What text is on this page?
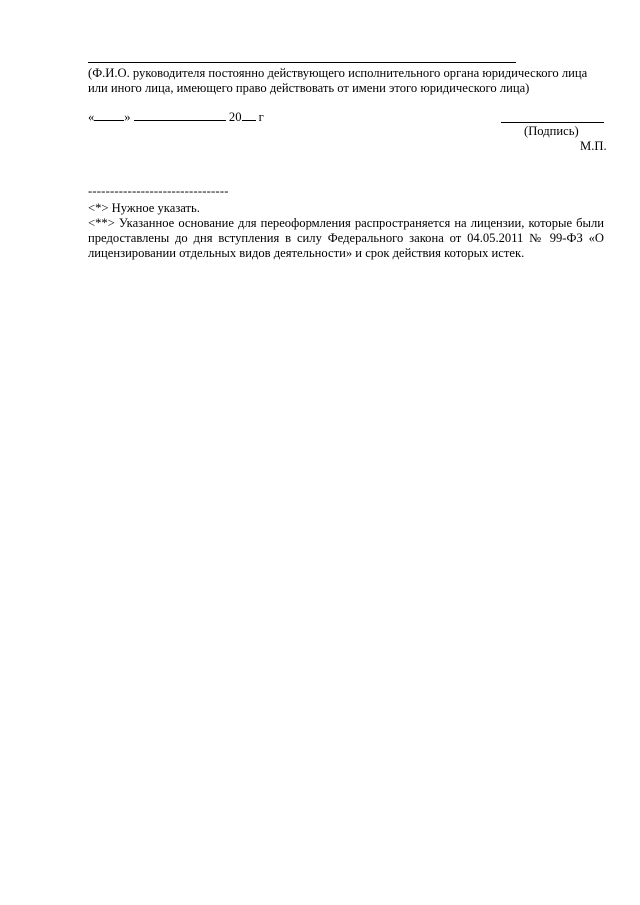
(Ф.И.О. руководителя постоянно действующего исполнительного органа юридического лица
или иного лица, имеющего право действовать от имени этого юридического лица)
« »	20 г
(Подпись)
М.П.
--------------------------------
<*> Нужное указать.
<**> Указанное основание для переоформления распространяется на лицензии, которые были предоставлены до дня вступления в силу Федерального закона от 04.05.2011 № 99-ФЗ «О лицензировании отдельных видов деятельности» и срок действия которых истек.
